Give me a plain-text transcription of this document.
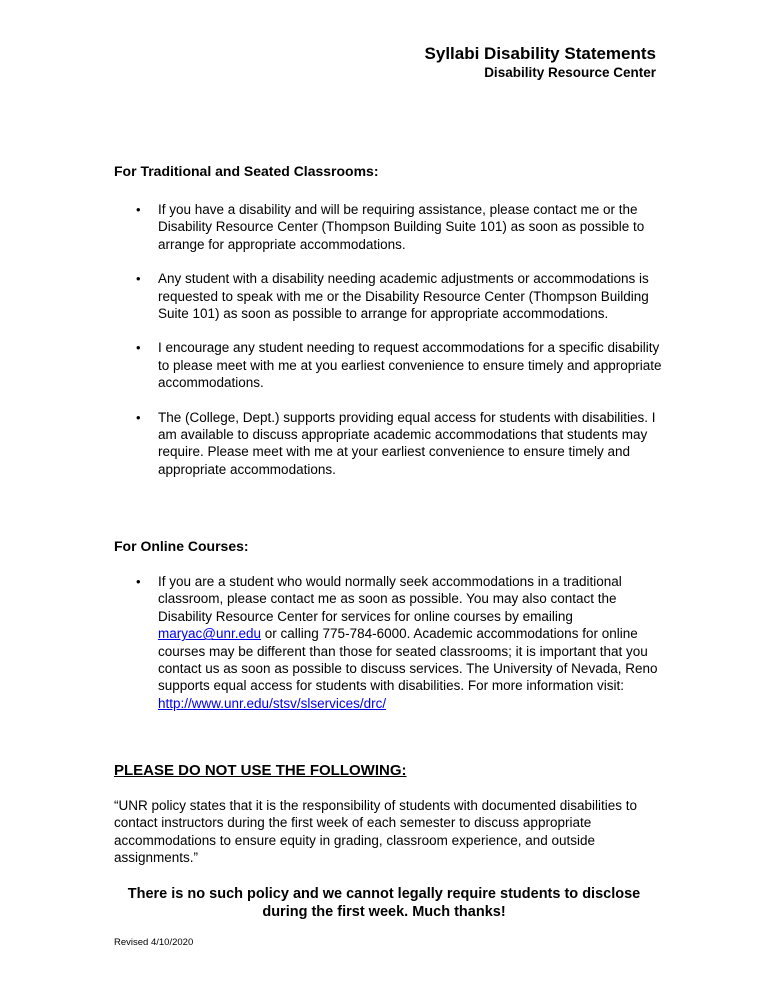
Syllabi Disability Statements
Disability Resource Center
For Traditional and Seated Classrooms:
• If you have a disability and will be requiring assistance, please contact me or the Disability Resource Center (Thompson Building Suite 101) as soon as possible to arrange for appropriate accommodations.
• Any student with a disability needing academic adjustments or accommodations is requested to speak with me or the Disability Resource Center (Thompson Building Suite 101) as soon as possible to arrange for appropriate accommodations.
• I encourage any student needing to request accommodations for a specific disability to please meet with me at you earliest convenience to ensure timely and appropriate accommodations.
• The (College, Dept.) supports providing equal access for students with disabilities. I am available to discuss appropriate academic accommodations that students may require. Please meet with me at your earliest convenience to ensure timely and appropriate accommodations.
For Online Courses:
• If you are a student who would normally seek accommodations in a traditional classroom, please contact me as soon as possible. You may also contact the Disability Resource Center for services for online courses by emailing maryac@unr.edu or calling 775-784-6000. Academic accommodations for online courses may be different than those for seated classrooms; it is important that you contact us as soon as possible to discuss services. The University of Nevada, Reno supports equal access for students with disabilities. For more information visit: http://www.unr.edu/stsv/slservices/drc/
PLEASE DO NOT USE THE FOLLOWING:
“UNR policy states that it is the responsibility of students with documented disabilities to contact instructors during the first week of each semester to discuss appropriate accommodations to ensure equity in grading, classroom experience, and outside assignments.”
There is no such policy and we cannot legally require students to disclose during the first week. Much thanks!
Revised 4/10/2020
